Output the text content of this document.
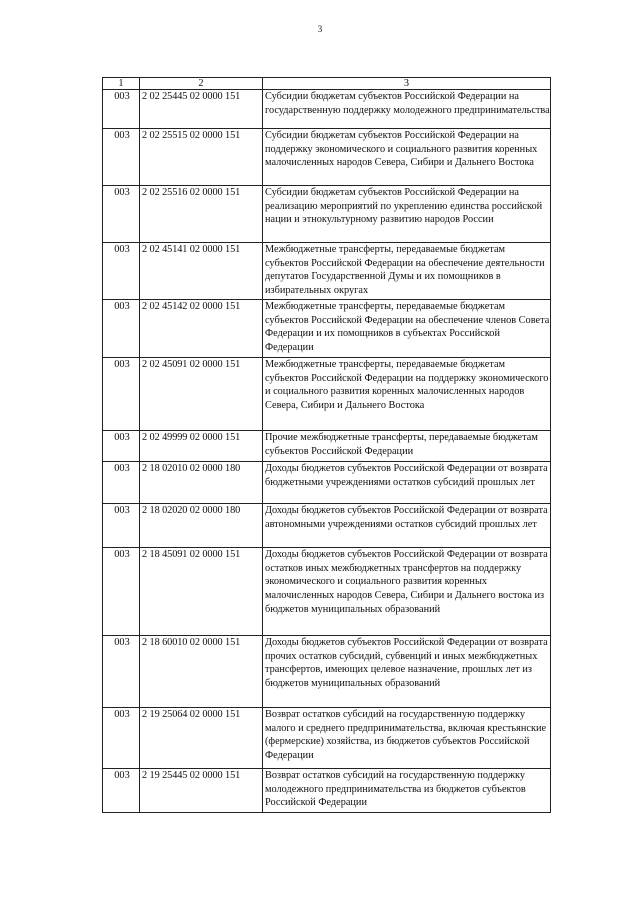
3
1	2	3
003	2 02 25445 02 0000 151	Субсидии бюджетам субъектов Российской Федерации на государственную поддержку молодежного предпринимательства
003	2 02 25515 02 0000 151	Субсидии бюджетам субъектов Российской Федерации на поддержку экономического и социального развития коренных малочисленных народов Севера, Сибири и Дальнего Востока
003	2 02 25516 02 0000 151	Субсидии бюджетам субъектов Российской Федерации на реализацию мероприятий по укреплению единства российской нации и этнокультурному развитию народов России
003	2 02 45141 02 0000 151	Межбюджетные трансферты, передаваемые бюджетам субъектов Российской Федерации на обеспечение деятельности депутатов Государственной Думы и их помощников в избирательных округах
003	2 02 45142 02 0000 151	Межбюджетные трансферты, передаваемые бюджетам субъектов Российской Федерации на обеспечение членов Совета Федерации и их помощников в субъектах Российской Федерации
003	2 02 45091 02 0000 151	Межбюджетные трансферты, передаваемые бюджетам субъектов Российской Федерации на поддержку экономического и социального развития коренных малочисленных народов Севера, Сибири и Дальнего Востока
003	2 02 49999 02 0000 151	Прочие межбюджетные трансферты, передаваемые бюджетам субъектов Российской Федерации
003	2 18 02010 02 0000 180	Доходы бюджетов субъектов Российской Федерации от возврата бюджетными учреждениями остатков субсидий прошлых лет
003	2 18 02020 02 0000 180	Доходы бюджетов субъектов Российской Федерации от возврата автономными учреждениями остатков субсидий прошлых лет
003	2 18 45091 02 0000 151	Доходы бюджетов субъектов Российской Федерации от возврата остатков иных межбюджетных трансфертов на поддержку экономического и социального развития коренных малочисленных народов Севера, Сибири и Дальнего востока из бюджетов муниципальных образований
003	2 18 60010 02 0000 151	Доходы бюджетов субъектов Российской Федерации от возврата прочих остатков субсидий, субвенций и иных межбюджетных трансфертов, имеющих целевое назначение, прошлых лет из бюджетов муниципальных образований
003	2 19 25064 02 0000 151	Возврат остатков субсидий на государственную поддержку малого и среднего предпринимательства, включая крестьянские (фермерские) хозяйства, из бюджетов субъектов Российской Федерации
003	2 19 25445 02 0000 151	Возврат остатков субсидий на государственную поддержку молодежного предпринимательства из бюджетов субъектов Российской Федерации
